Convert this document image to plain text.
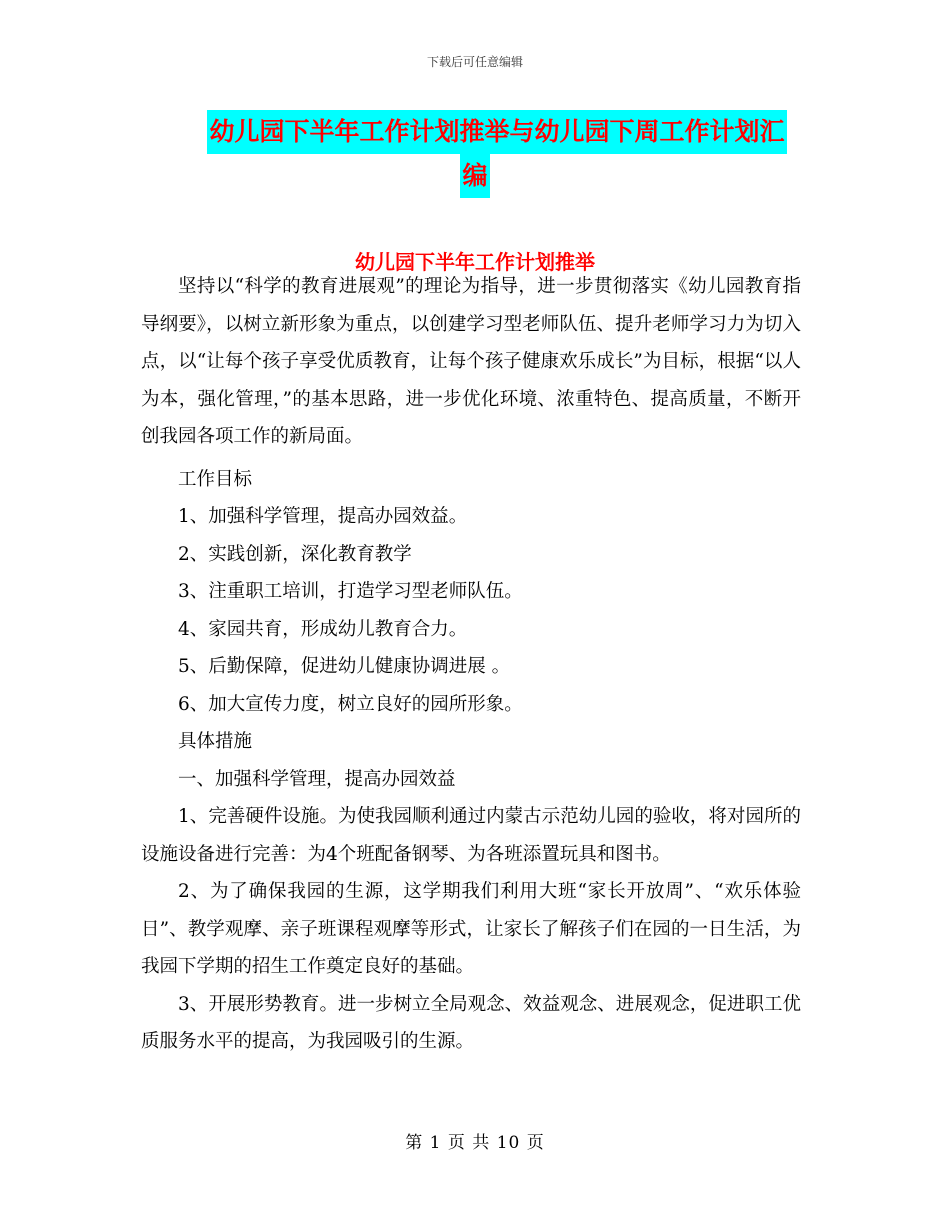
下载后可任意编辑
幼儿园下半年工作计划推举与幼儿园下周工作计划汇
编
幼儿园下半年工作计划推举

坚持以“科学的教育进展观”的理论为指导，进一步贯彻落实《幼儿园教育指导纲要》，以树立新形象为重点，以创建学习型老师队伍、提升老师学习力为切入点，以“让每个孩子享受优质教育，让每个孩子健康欢乐成长”为目标，根据“以人为本，强化管理，”的基本思路，进一步优化环境、浓重特色、提高质量，不断开创我园各项工作的新局面。

工作目标

1、加强科学管理，提高办园效益。

2、实践创新，深化教育教学

3、注重职工培训，打造学习型老师队伍。

4、家园共育，形成幼儿教育合力。

5、后勤保障，促进幼儿健康协调进展 。

6、加大宣传力度，树立良好的园所形象。

具体措施

一、加强科学管理，提高办园效益

1、完善硬件设施。为使我园顺利通过内蒙古示范幼儿园的验收，将对园所的设施设备进行完善：为4个班配备钢琴、为各班添置玩具和图书。

2、为了确保我园的生源，这学期我们利用大班“家长开放周”、“欢乐体验日”、教学观摩、亲子班课程观摩等形式，让家长了解孩子们在园的一日生活，为我园下学期的招生工作奠定良好的基础。

3、开展形势教育。进一步树立全局观念、效益观念、进展观念，促进职工优质服务水平的提高，为我园吸引的生源。

第 1 页 共 10 页
